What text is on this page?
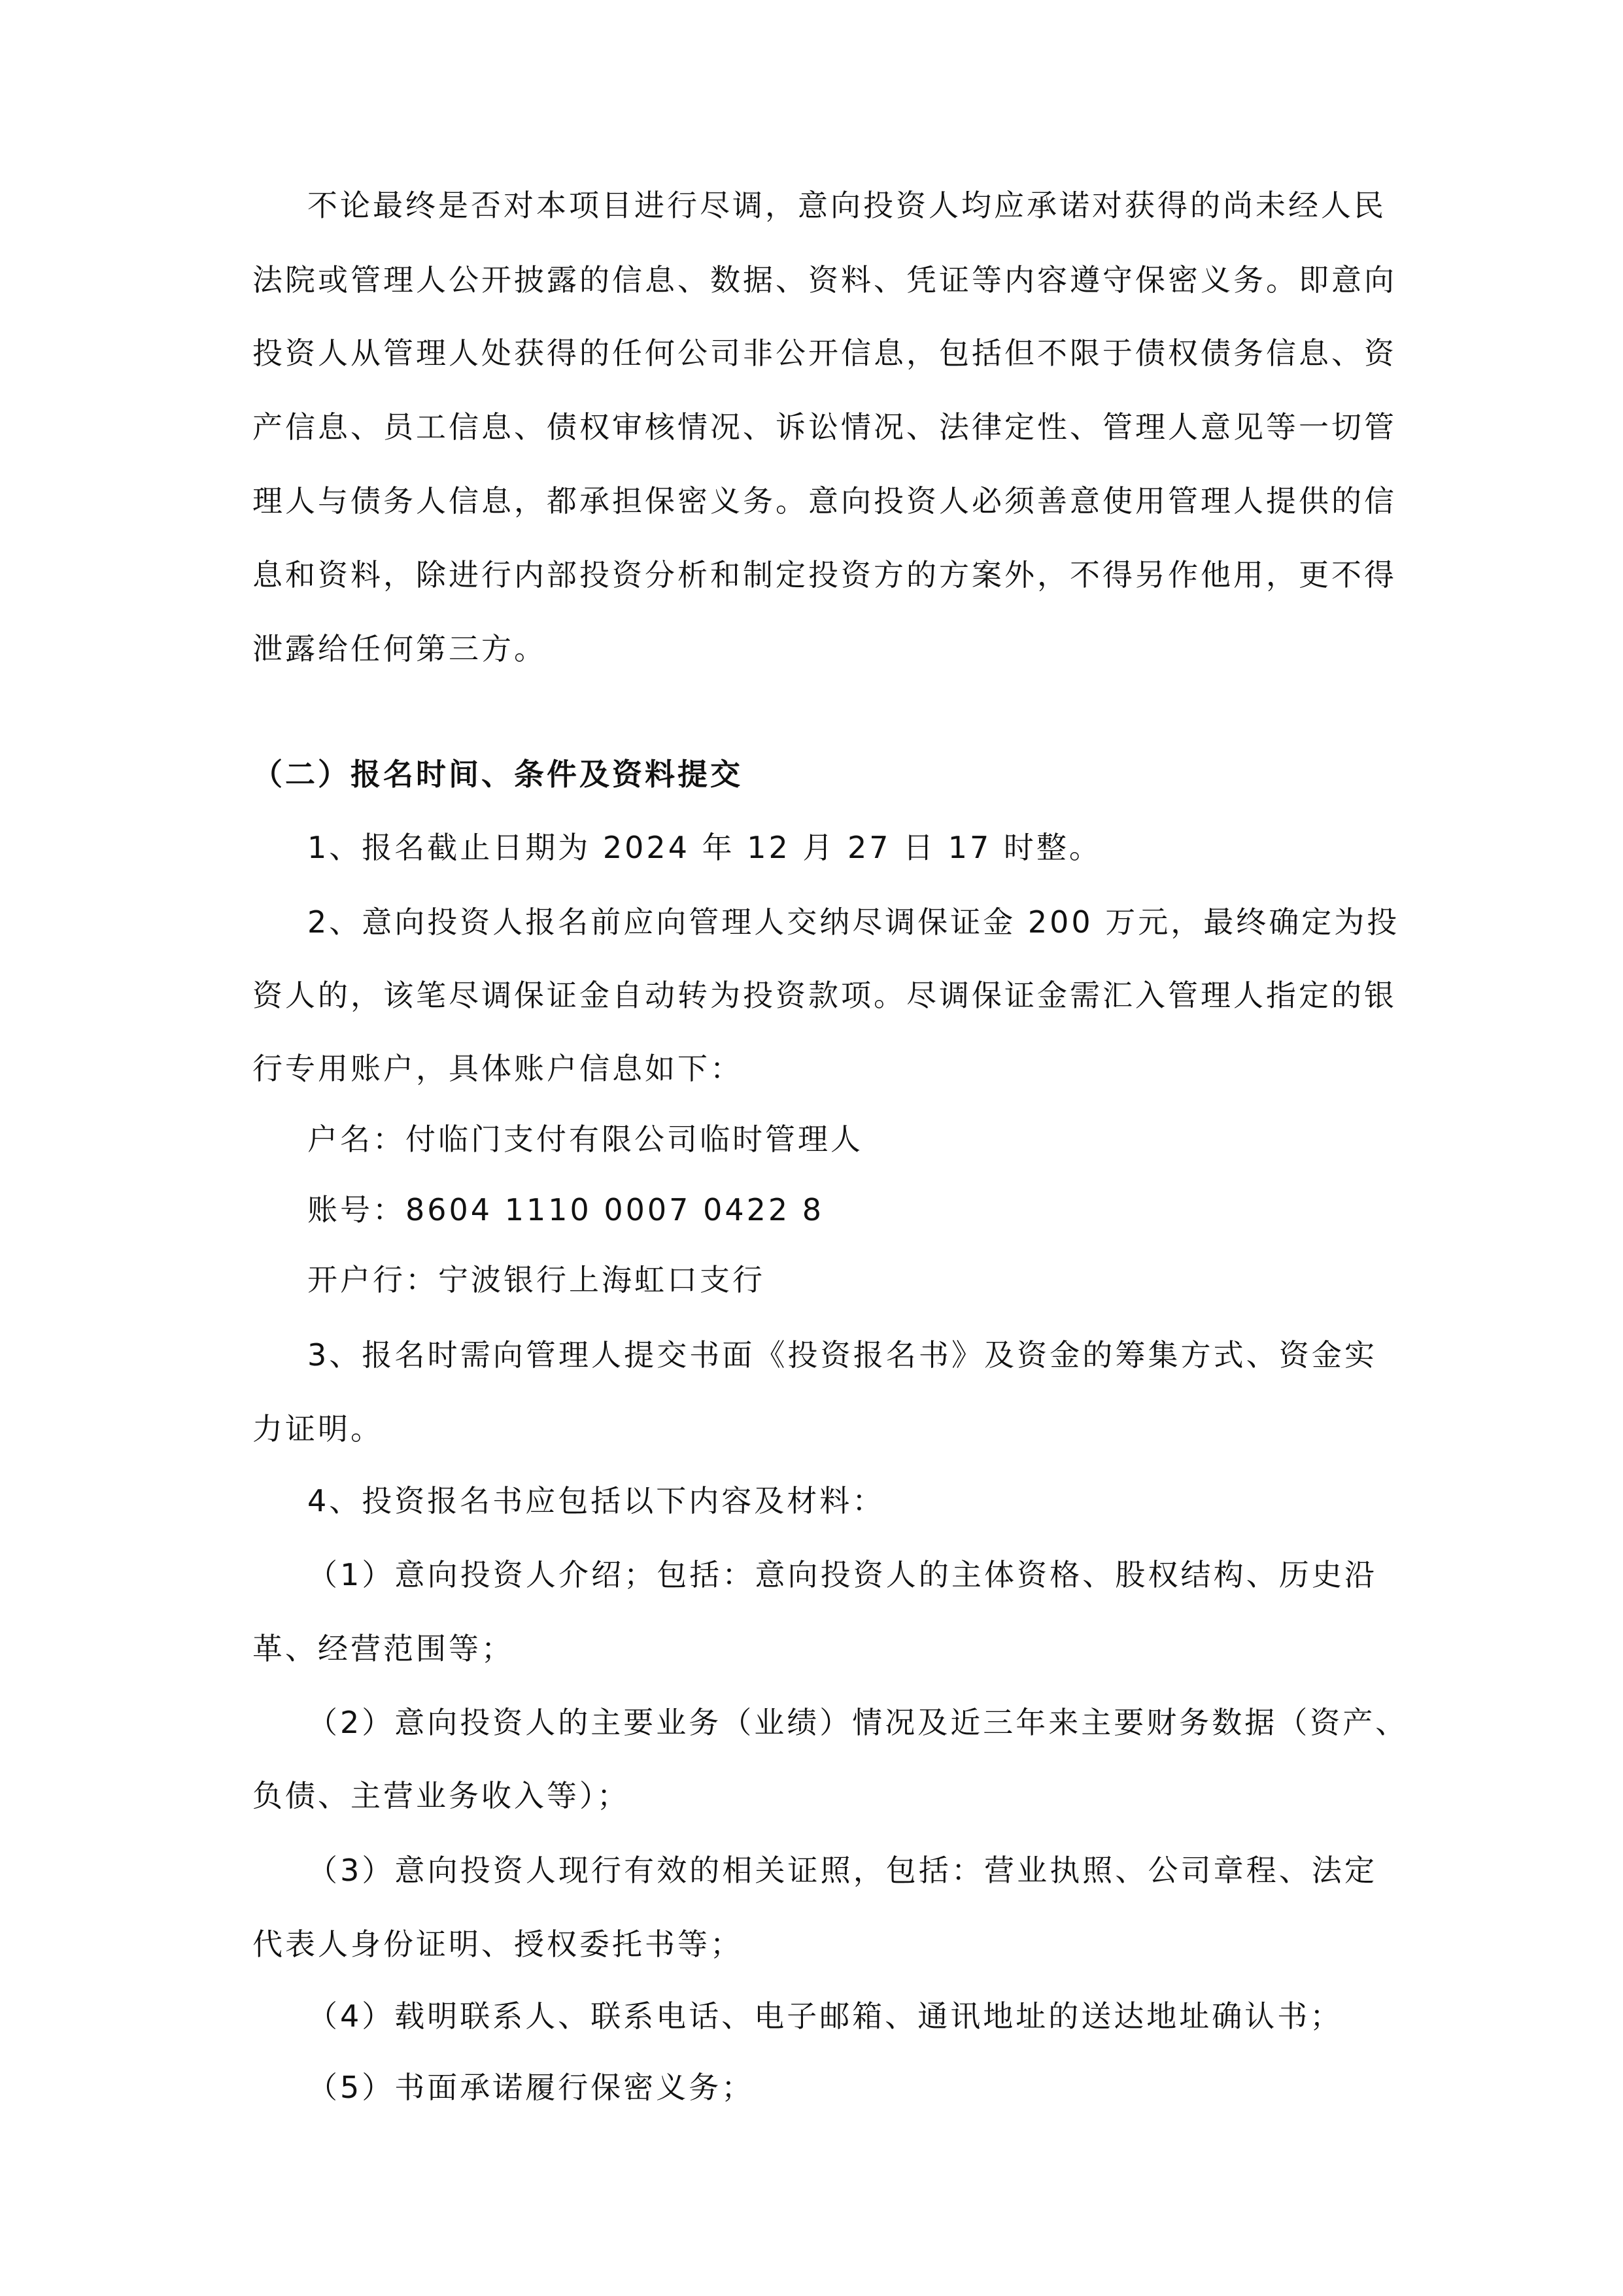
不论最终是否对本项目进行尽调，意向投资人均应承诺对获得的尚未经人民

法院或管理人公开披露的信息、数据、资料、凭证等内容遵守保密义务。即意向

投资人从管理人处获得的任何公司非公开信息，包括但不限于债权债务信息、资

产信息、员工信息、债权审核情况、诉讼情况、法律定性、管理人意见等一切管

理人与债务人信息，都承担保密义务。意向投资人必须善意使用管理人提供的信

息和资料，除进行内部投资分析和制定投资方的方案外，不得另作他用，更不得

泄露给任何第三方。

（二）报名时间、条件及资料提交

1、报名截止日期为 2024 年 12 月 27 日 17 时整。

2、意向投资人报名前应向管理人交纳尽调保证金 200 万元，最终确定为投

资人的，该笔尽调保证金自动转为投资款项。尽调保证金需汇入管理人指定的银

行专用账户，具体账户信息如下：

户名：付临门支付有限公司临时管理人

账号：8604 1110 0007 0422 8

开户行：宁波银行上海虹口支行

3、报名时需向管理人提交书面《投资报名书》及资金的筹集方式、资金实

力证明。

4、投资报名书应包括以下内容及材料：

（1）意向投资人介绍；包括：意向投资人的主体资格、股权结构、历史沿

革、经营范围等；

（2）意向投资人的主要业务（业绩）情况及近三年来主要财务数据（资产、

负债、主营业务收入等）；

（3）意向投资人现行有效的相关证照，包括：营业执照、公司章程、法定

代表人身份证明、授权委托书等；

（4）载明联系人、联系电话、电子邮箱、通讯地址的送达地址确认书；

（5）书面承诺履行保密义务；
